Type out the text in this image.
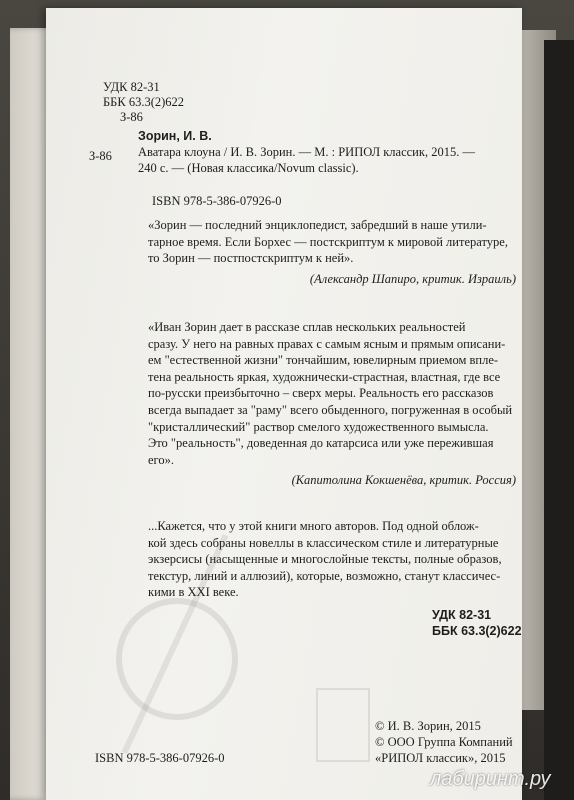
УДК 82-31
ББК 63.3(2)622
З-86
З-86
Зорин, И. В.
Аватара клоуна / И. В. Зорин. — М. : РИПОЛ классик, 2015. —
240 с. — (Новая классика/Novum classic).
ISBN 978-5-386-07926-0
«Зорин — последний энциклопедист, забредший в наше утили-
тарное время. Если Борхес — постскриптум к мировой литературе,
то Зорин — постпостскриптум к ней».
(Александр Шапиро, критик. Израиль)
«Иван Зорин дает в рассказе сплав нескольких реальностей
сразу. У него на равных правах с самым ясным и прямым описани-
ем "естественной жизни" тончайшим, ювелирным приемом вплe-
тена реальность яркая, художнически-страстная, властная, где все
по-русски преизбыточно – сверх меры. Реальность его рассказов
всегда выпадает за "раму" всего обыденного, погруженная в особый
"кристаллический" раствор смелого художественного вымысла.
Это "реальность", доведенная до катарсиса или уже пережившая
его».
(Капитолина Кокшенёва, критик. Россия)
...Кажется, что у этой книги много авторов. Под одной облож-
кой здесь собраны новеллы в классическом стиле и литературные
экзерсисы (насыщенные и многослойные тексты, полные образов,
текстур, линий и аллюзий), которые, возможно, станут классичес-
кими в XXI веке.
УДК 82-31
ББК 63.3(2)622
© И. В. Зорин, 2015
© ООО Группа Компаний
«РИПОЛ классик», 2015
ISBN 978-5-386-07926-0
лабиринт.ру
